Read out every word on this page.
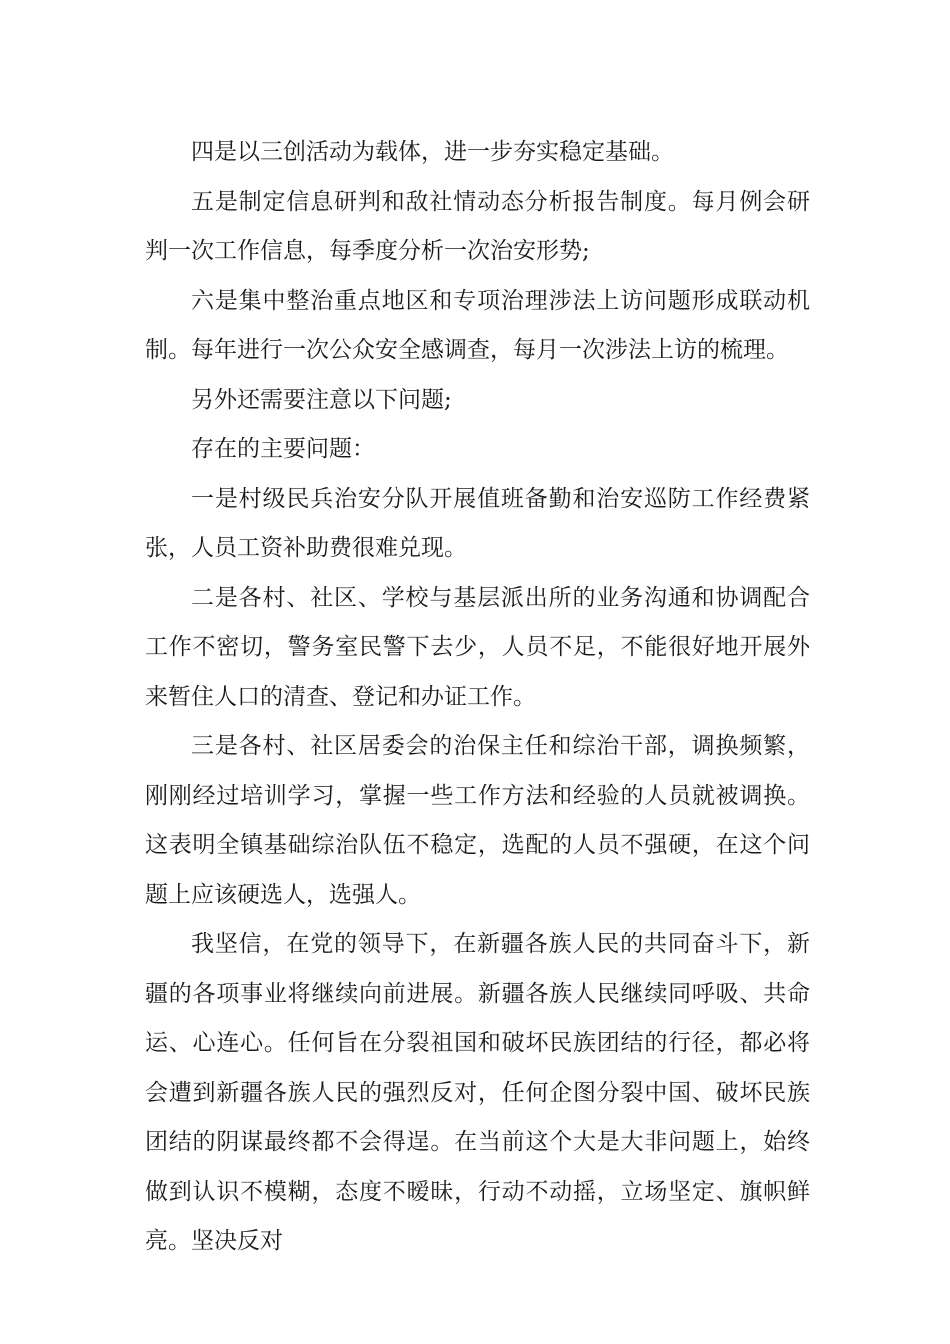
四是以三创活动为载体，进一步夯实稳定基础。

五是制定信息研判和敌社情动态分析报告制度。每月例会研判一次工作信息，每季度分析一次治安形势;

六是集中整治重点地区和专项治理涉法上访问题形成联动机制。每年进行一次公众安全感调查，每月一次涉法上访的梳理。

另外还需要注意以下问题;

存在的主要问题：

一是村级民兵治安分队开展值班备勤和治安巡防工作经费紧张，人员工资补助费很难兑现。

二是各村、社区、学校与基层派出所的业务沟通和协调配合工作不密切，警务室民警下去少，人员不足，不能很好地开展外来暂住人口的清查、登记和办证工作。

三是各村、社区居委会的治保主任和综治干部，调换频繁，刚刚经过培训学习，掌握一些工作方法和经验的人员就被调换。这表明全镇基础综治队伍不稳定，选配的人员不强硬，在这个问题上应该硬选人，选强人。

我坚信，在党的领导下，在新疆各族人民的共同奋斗下，新疆的各项事业将继续向前进展。新疆各族人民继续同呼吸、共命运、心连心。任何旨在分裂祖国和破坏民族团结的行径，都必将会遭到新疆各族人民的强烈反对，任何企图分裂中国、破坏民族团结的阴谋最终都不会得逞。在当前这个大是大非问题上，始终做到认识不模糊，态度不暧昧，行动不动摇，立场坚定、旗帜鲜亮。坚决反对
